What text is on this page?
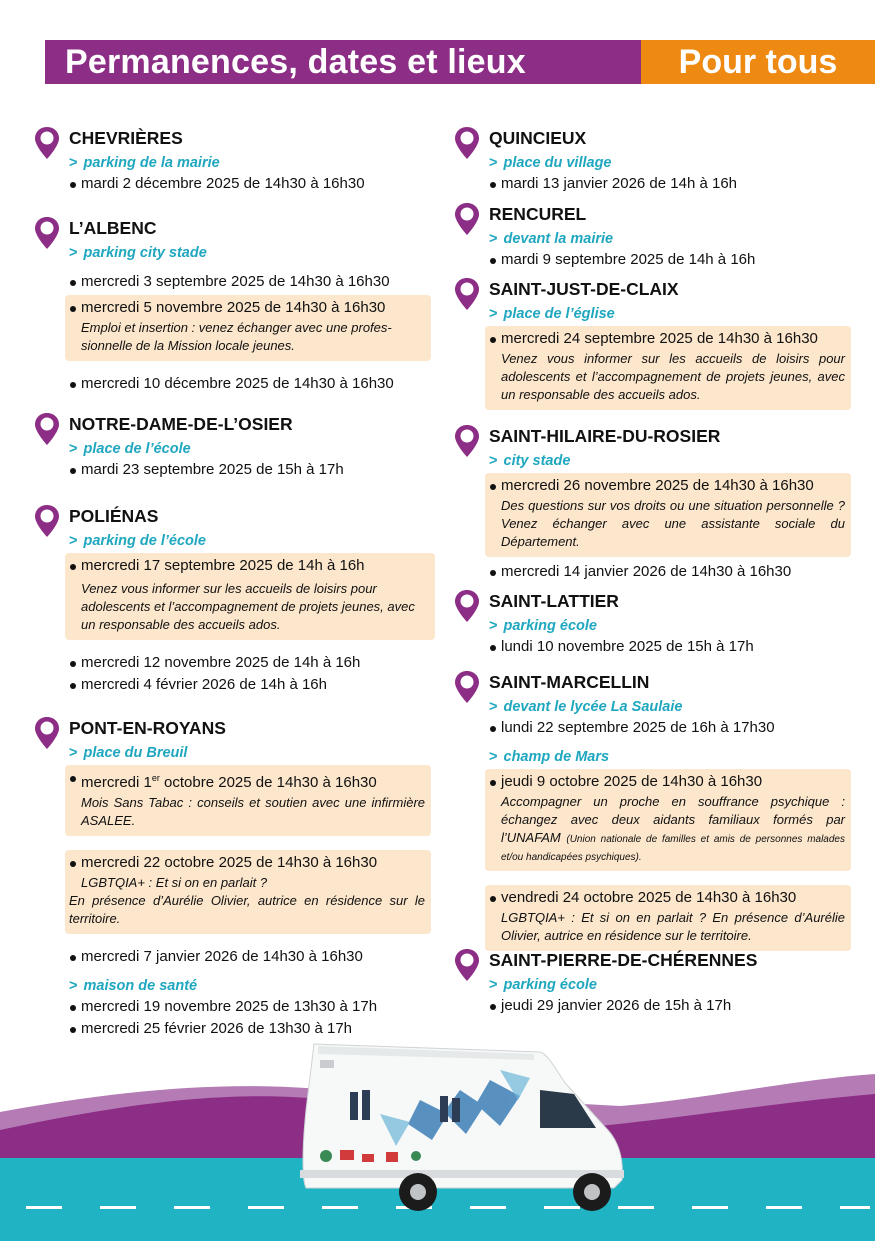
Permanences, dates et lieux	Pour tous
CHEVRIÈRES
> parking de la mairie
mardi 2 décembre 2025 de 14h30 à 16h30
L’ALBENC
> parking city stade
mercredi 3 septembre 2025 de 14h30 à 16h30
mercredi 5 novembre 2025 de 14h30 à 16h30
Emploi et insertion : venez échanger avec une profes-sionnelle de la Mission locale jeunes.
mercredi 10 décembre 2025 de 14h30 à 16h30
NOTRE-DAME-DE-L’OSIER
> place de l’école
mardi 23 septembre 2025 de 15h à 17h
POLIÉNAS
> parking de l’école
mercredi 17 septembre 2025 de 14h à 16h
Venez vous informer sur les accueils de loisirs pour adolescents et l’accompagnement de projets jeunes, avec un responsable des accueils ados.
mercredi 12 novembre 2025 de 14h à 16h
mercredi 4 février 2026 de 14h à 16h
PONT-EN-ROYANS
> place du Breuil
mercredi 1er octobre 2025 de 14h30 à 16h30
Mois Sans Tabac : conseils et soutien avec une infirmière ASALEE.
mercredi 22 octobre 2025 de 14h30 à 16h30
LGBTQIA+ : Et si on en parlait ?
En présence d’Aurélie Olivier, autrice en résidence sur le territoire.
mercredi 7 janvier 2026 de 14h30 à 16h30
> maison de santé
mercredi 19 novembre 2025 de 13h30 à 17h
mercredi 25 février 2026 de 13h30 à 17h
QUINCIEUX
> place du village
mardi 13 janvier 2026 de 14h à 16h
RENCUREL
> devant la mairie
mardi 9 septembre 2025 de 14h à 16h
SAINT-JUST-DE-CLAIX
> place de l’église
mercredi 24 septembre 2025 de 14h30 à 16h30
Venez vous informer sur les accueils de loisirs pour adolescents et l’accompagnement de projets jeunes, avec un responsable des accueils ados.
SAINT-HILAIRE-DU-ROSIER
> city stade
mercredi 26 novembre 2025 de 14h30 à 16h30
Des questions sur vos droits ou une situation personnelle ? Venez échanger avec une assistante sociale du Département.
mercredi 14 janvier 2026 de 14h30 à 16h30
SAINT-LATTIER
> parking école
lundi 10 novembre 2025 de 15h à 17h
SAINT-MARCELLIN
> devant le lycée La Saulaie
lundi 22 septembre 2025 de 16h à 17h30
> champ de Mars
jeudi 9 octobre 2025 de 14h30 à 16h30
Accompagner un proche en souffrance psychique : échangez avec deux aidants familiaux formés par l’UNAFAM (Union nationale de familles et amis de personnes malades et/ou handicapées psychiques).
vendredi 24 octobre 2025 de 14h30 à 16h30
LGBTQIA+ : Et si on en parlait ? En présence d’Aurélie Olivier, autrice en résidence sur le territoire.
SAINT-PIERRE-DE-CHÉRENNES
> parking école
jeudi 29 janvier 2026 de 15h à 17h
